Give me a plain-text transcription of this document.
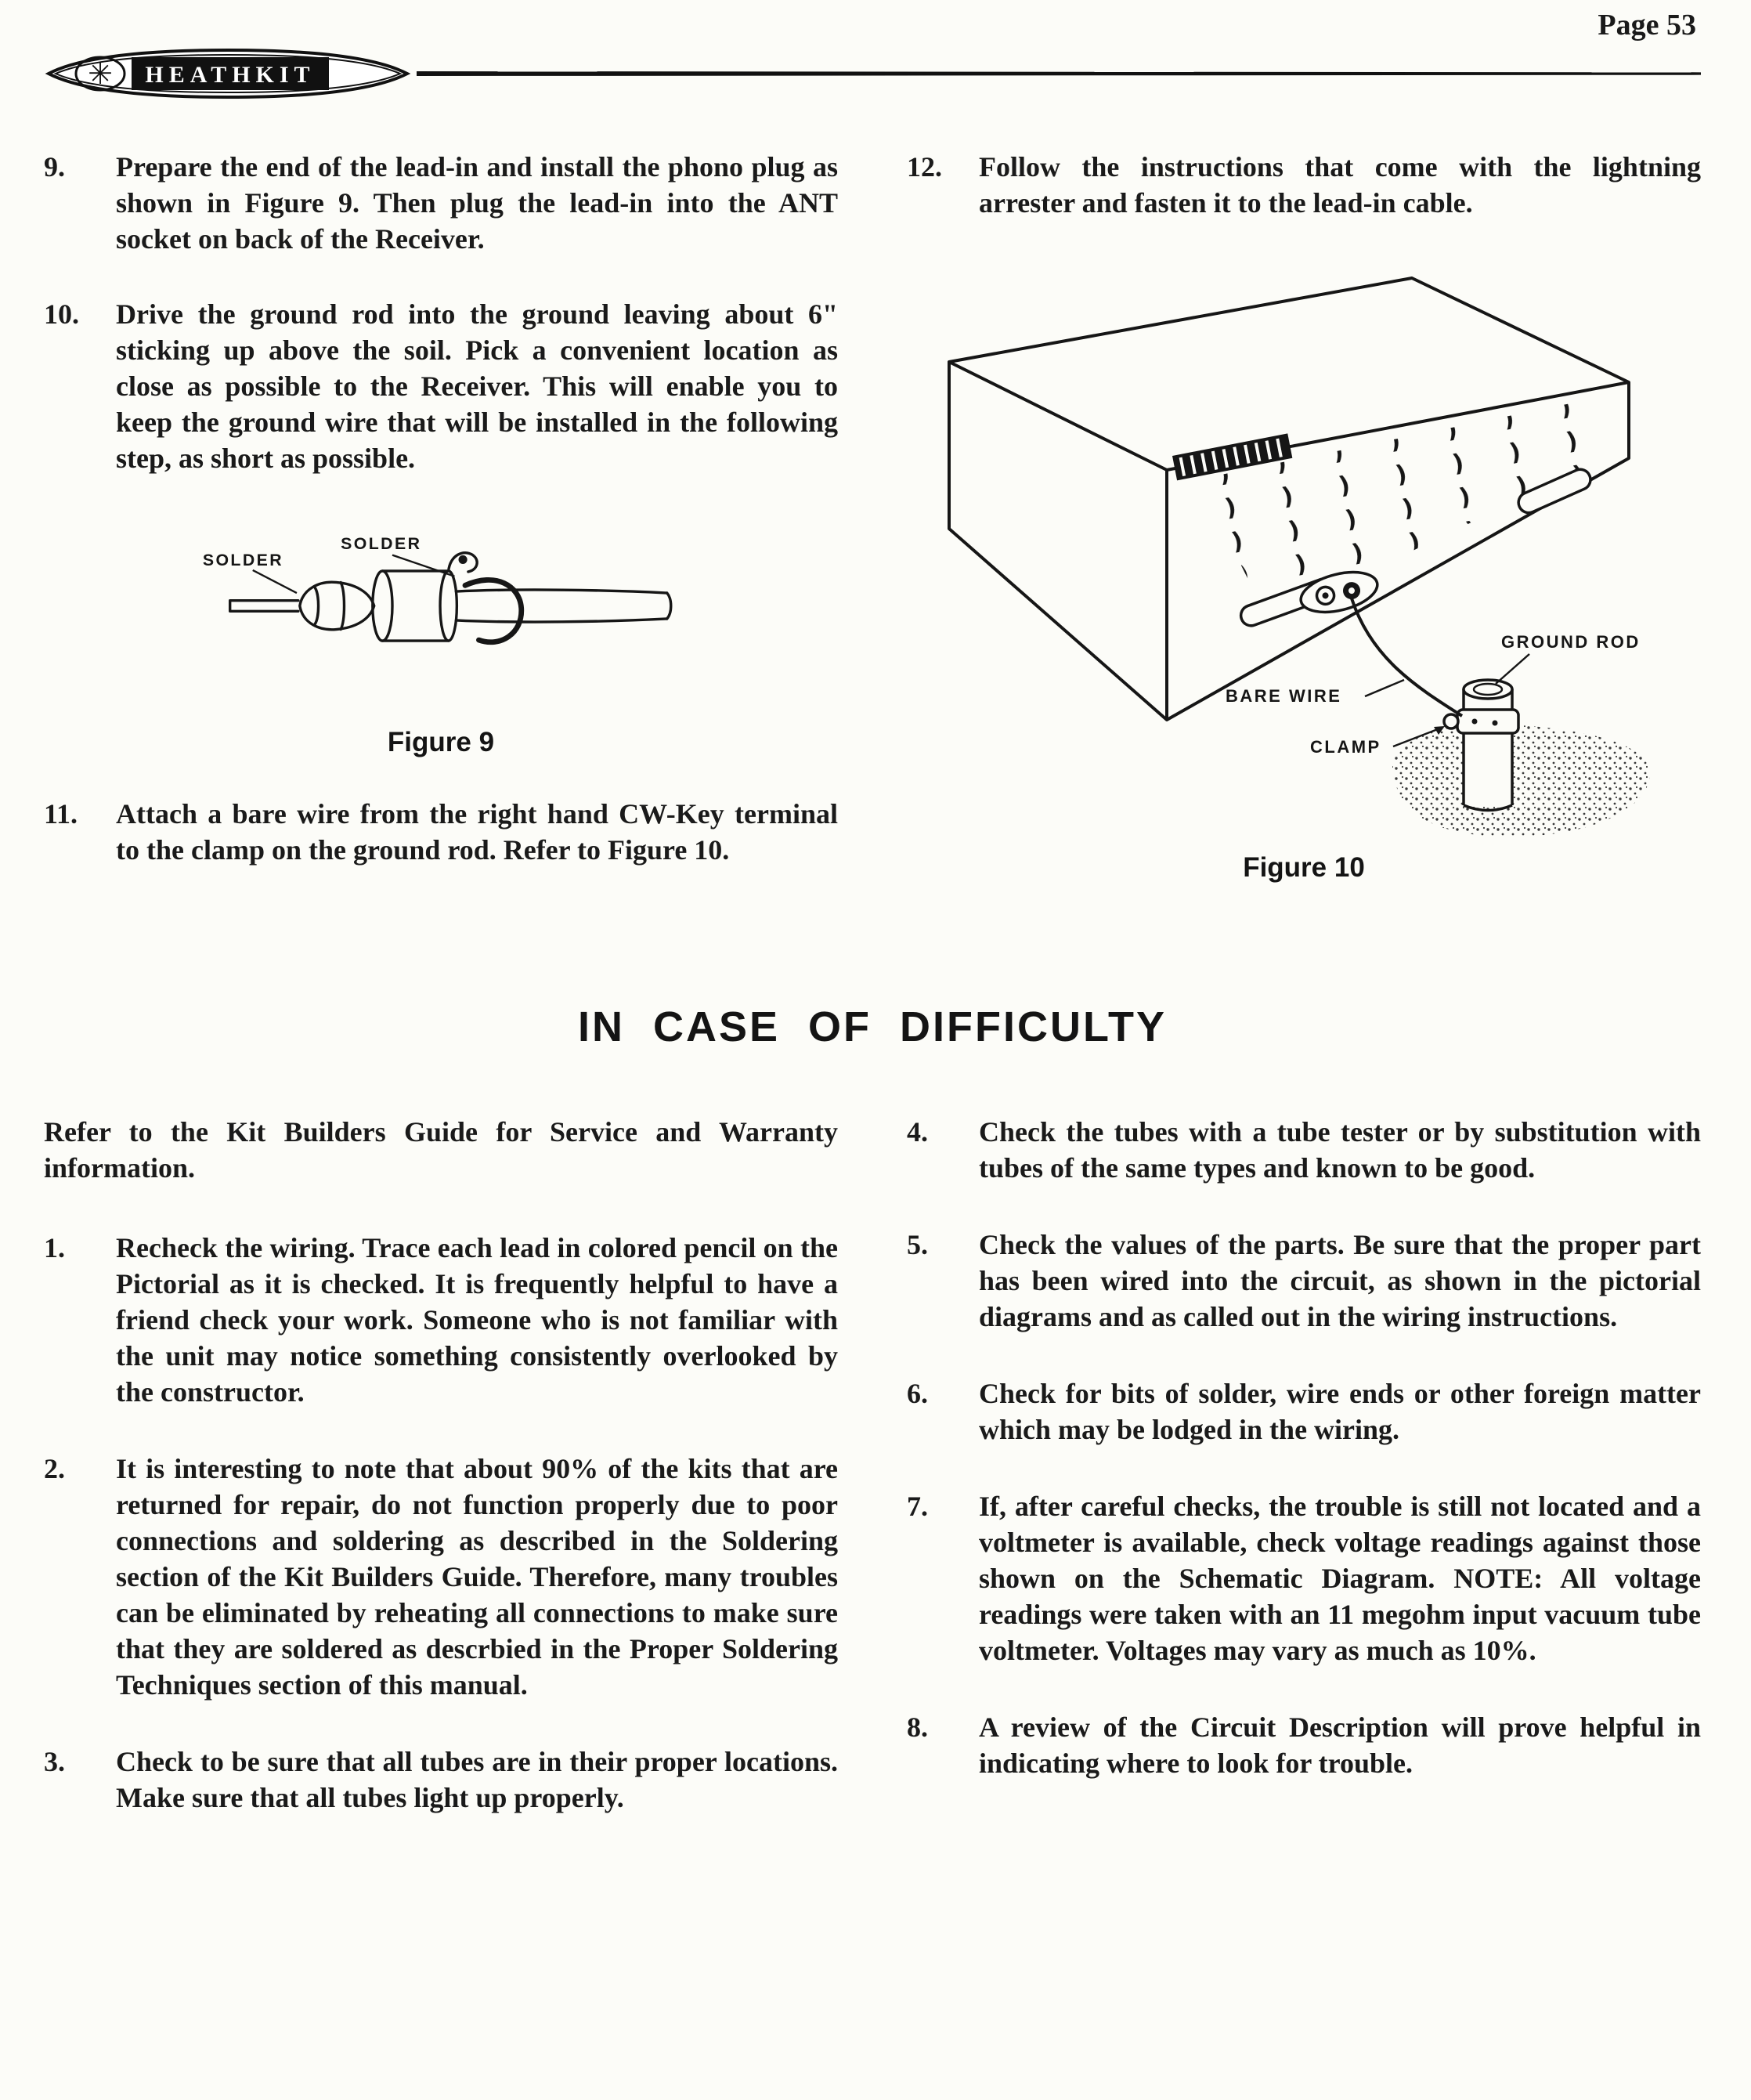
Page 53
✳ HEATHKIT
9.	Prepare the end of the lead-in and install the phono plug as shown in Figure 9. Then plug the lead-in into the ANT socket on back of the Receiver.
10.	Drive the ground rod into the ground leaving about 6" sticking up above the soil. Pick a convenient location as close as possible to the Receiver. This will enable you to keep the ground wire that will be installed in the following step, as short as possible.
SOLDER
SOLDER
Figure 9
11.	Attach a bare wire from the right hand CW-Key terminal to the clamp on the ground rod. Refer to Figure 10.
12.	Follow the instructions that come with the lightning arrester and fasten it to the lead-in cable.
GROUND ROD
BARE WIRE
CLAMP
Figure 10
IN CASE OF DIFFICULTY

Refer to the Kit Builders Guide for Service and Warranty information.

1.	Recheck the wiring. Trace each lead in colored pencil on the Pictorial as it is checked. It is frequently helpful to have a friend check your work. Someone who is not familiar with the unit may notice something consistently overlooked by the constructor.
2.	It is interesting to note that about 90% of the kits that are returned for repair, do not function properly due to poor connections and soldering as described in the Soldering section of the Kit Builders Guide. Therefore, many troubles can be eliminated by reheating all connections to make sure that they are soldered as descrbied in the Proper Soldering Techniques section of this manual.
3.	Check to be sure that all tubes are in their proper locations. Make sure that all tubes light up properly.
4.	Check the tubes with a tube tester or by substitution with tubes of the same types and known to be good.
5.	Check the values of the parts. Be sure that the proper part has been wired into the circuit, as shown in the pictorial diagrams and as called out in the wiring instructions.
6.	Check for bits of solder, wire ends or other foreign matter which may be lodged in the wiring.
7.	If, after careful checks, the trouble is still not located and a voltmeter is available, check voltage readings against those shown on the Schematic Diagram. NOTE: All voltage readings were taken with an 11 megohm input vacuum tube voltmeter. Voltages may vary as much as 10%.
8.	A review of the Circuit Description will prove helpful in indicating where to look for trouble.
